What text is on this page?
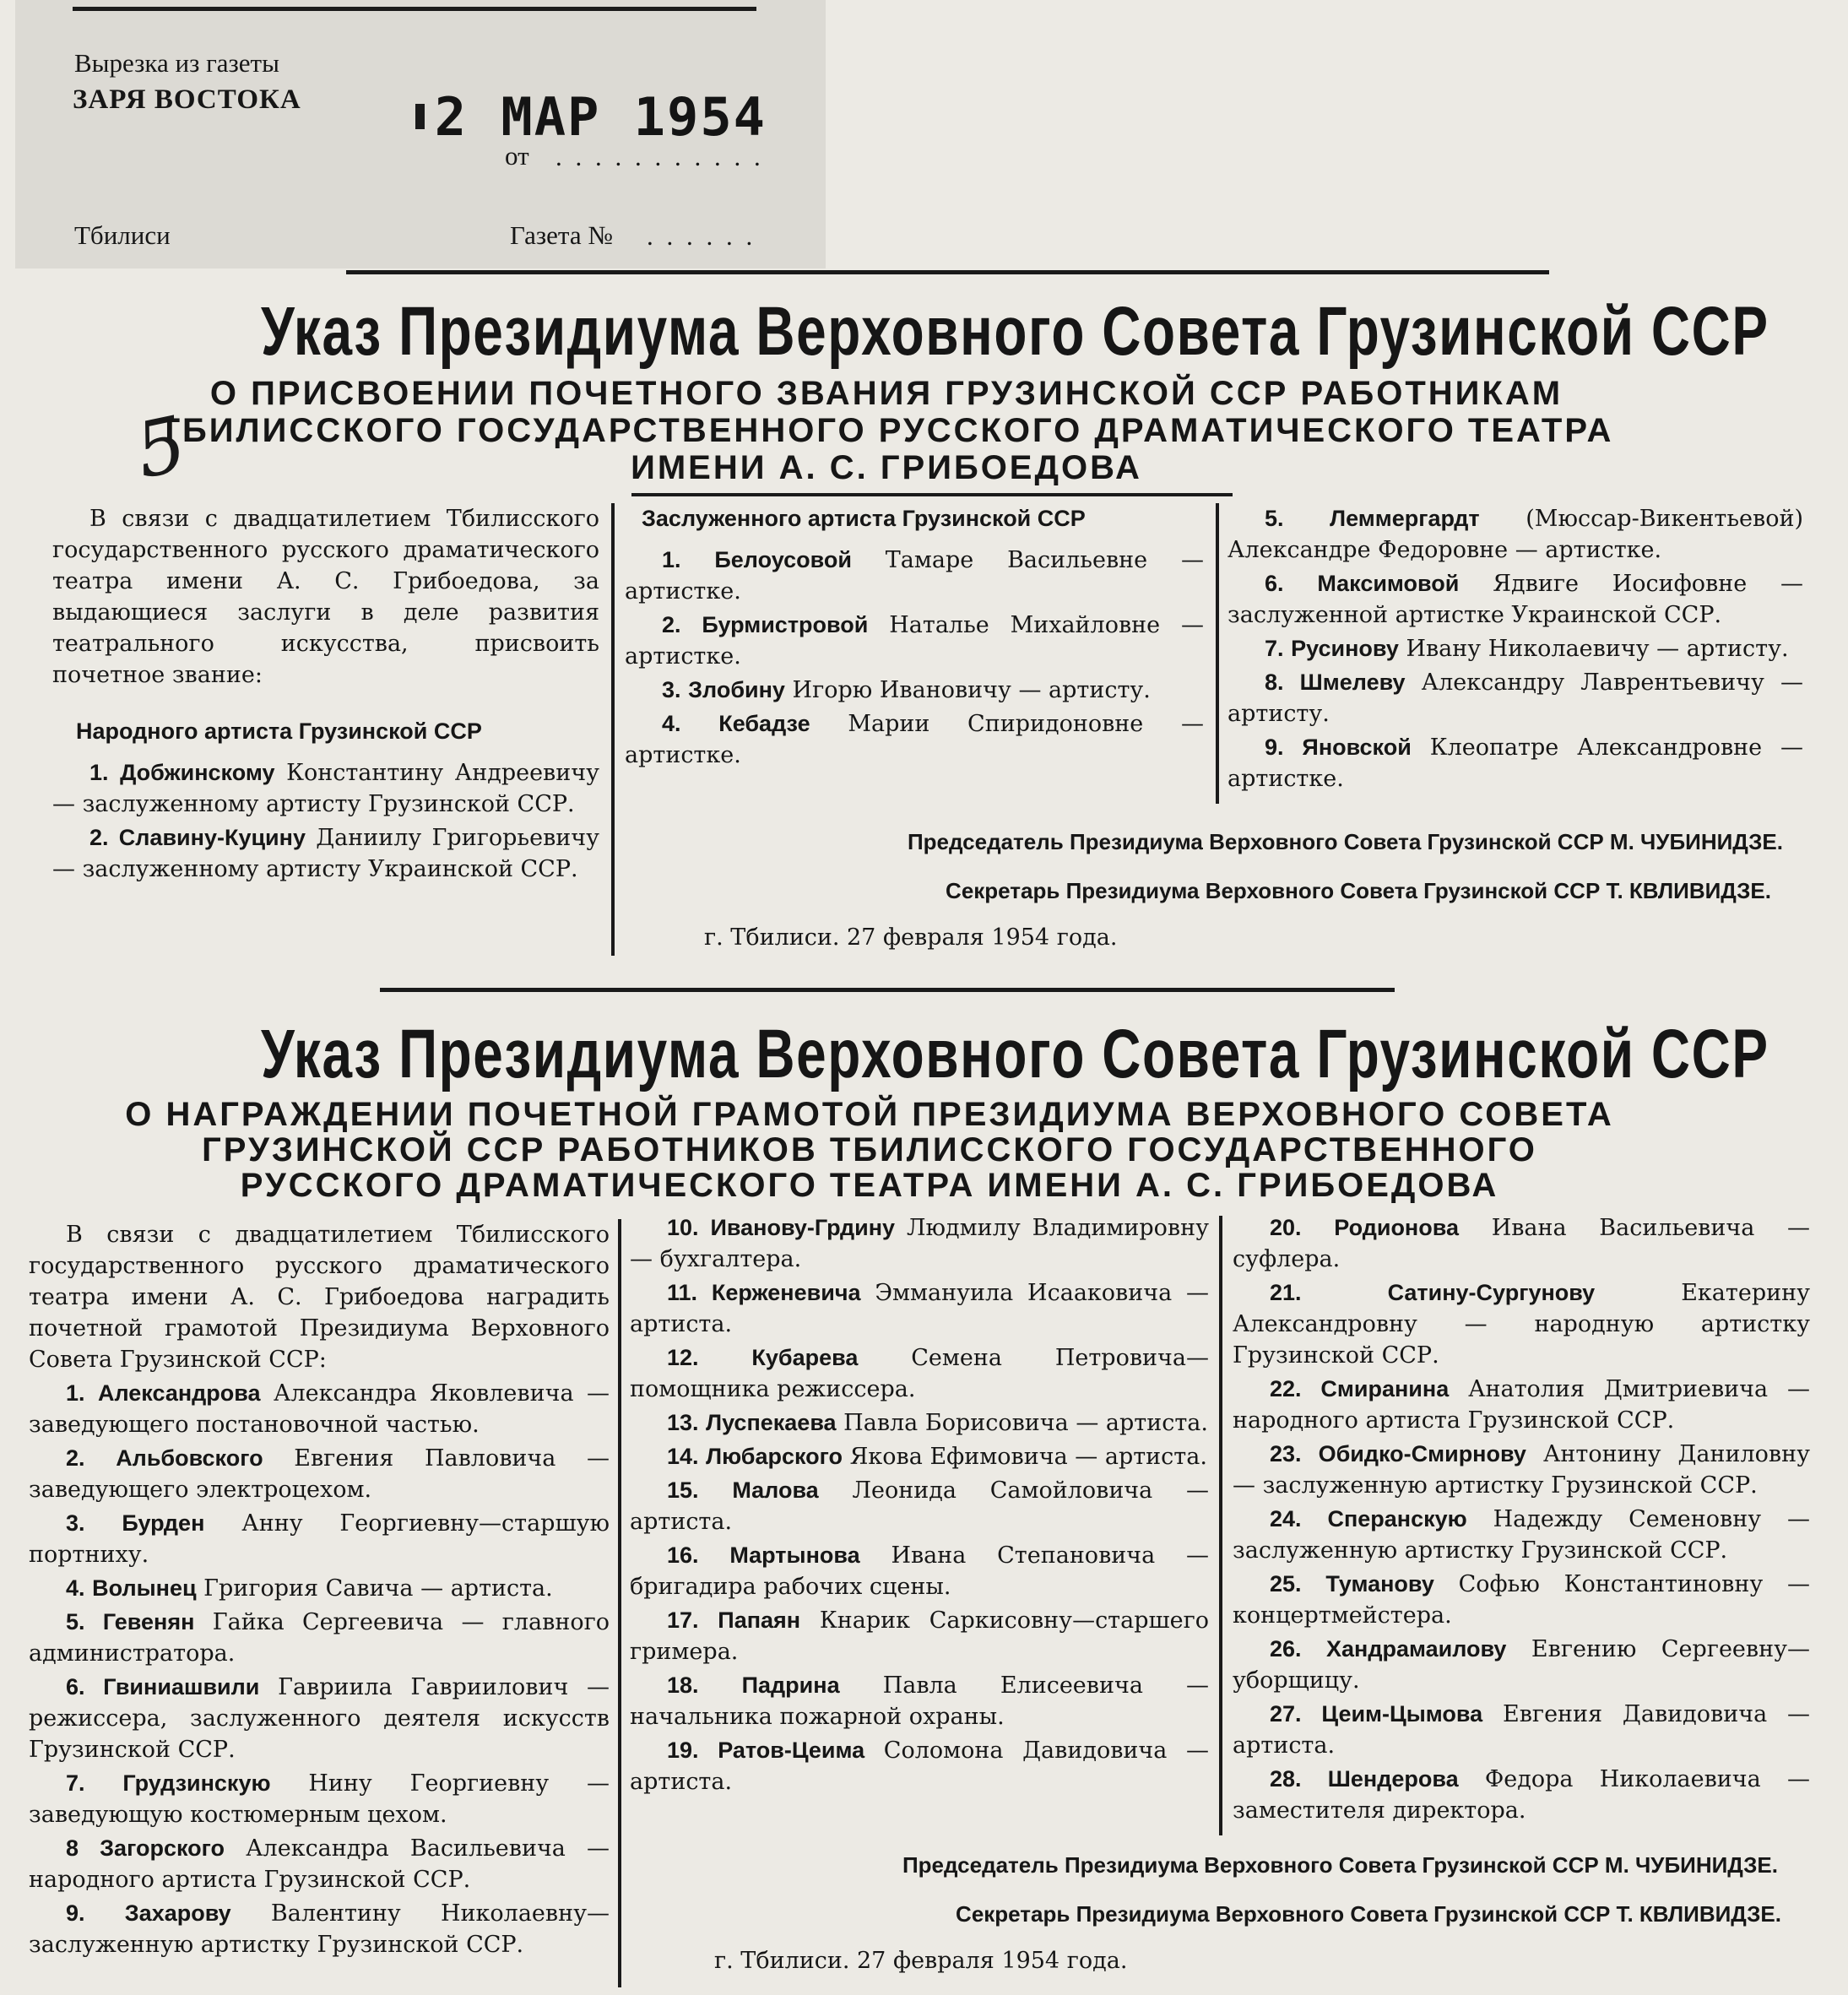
Вырезка из газеты
ЗАРЯ ВОСТОКА	2 МАР 1954
от . . . . . . . . . . .
Тбилиси	Газета № . . . . . .
Указ Президиума Верховного Совета Грузинской ССР
5
О ПРИСВОЕНИИ ПОЧЕТНОГО ЗВАНИЯ ГРУЗИНСКОЙ ССР РАБОТНИКАМ
ТБИЛИССКОГО ГОСУДАРСТВЕННОГО РУССКОГО ДРАМАТИЧЕСКОГО ТЕАТРА
ИМЕНИ А. С. ГРИБОЕДОВА

В связи с двадцатилетием Тбилисского государственного русского драматического театра имени А. С. Грибоедова, за выдающиеся заслуги в деле развития театрального искусства, присвоить почетное звание:

Народного артиста Грузинской ССР

1. Добжинскому Константину Андреевичу — заслуженному артисту Грузинской ССР.

2. Славину-Куцину Даниилу Григорьевичу — заслуженному артисту Украинской ССР.

Заслуженного артиста Грузинской ССР

1. Белоусовой Тамаре Васильевне — артистке.

2. Бурмистровой Наталье Михайловне — артистке.

3. Злобину Игорю Ивановичу — артисту.

4. Кебадзе Марии Спиридоновне — артистке.

5. Леммергардт (Мюссар-Викентьевой) Александре Федоровне — артистке.

6. Максимовой Ядвиге Иосифовне — заслуженной артистке Украинской ССР.

7. Русинову Ивану Николаевичу — артисту.

8. Шмелеву Александру Лаврентьевичу — артисту.

9. Яновской Клеопатре Александровне — артистке.

Председатель Президиума Верховного Совета Грузинской ССР М. ЧУБИНИДЗЕ.
Секретарь Президиума Верховного Совета Грузинской ССР Т. КВЛИВИДЗЕ.
г. Тбилиси. 27 февраля 1954 года.
Указ Президиума Верховного Совета Грузинской ССР
О НАГРАЖДЕНИИ ПОЧЕТНОЙ ГРАМОТОЙ ПРЕЗИДИУМА ВЕРХОВНОГО СОВЕТА
ГРУЗИНСКОЙ ССР РАБОТНИКОВ ТБИЛИССКОГО ГОСУДАРСТВЕННОГО
РУССКОГО ДРАМАТИЧЕСКОГО ТЕАТРА ИМЕНИ А. С. ГРИБОЕДОВА

В связи с двадцатилетием Тбилисского государственного русского драматического театра имени А. С. Грибоедова наградить почетной грамотой Президиума Верховного Совета Грузинской ССР:

1. Александрова Александра Яковлевича — заведующего постановочной частью.

2. Альбовского Евгения Павловича — заведующего электроцехом.

3. Бурден Анну Георгиевну—старшую портниху.

4. Волынец Григория Савича — артиста.

5. Гевенян Гайка Сергеевича — главного администратора.

6. Гвиниашвили Гавриила Гавриилович — режиссера, заслуженного деятеля искусств Грузинской ССР.

7. Грудзинскую Нину Георгиевну — заведующую костюмерным цехом.

8 Загорского Александра Васильевича — народного артиста Грузинской ССР.

9. Захарову Валентину Николаевну— заслуженную артистку Грузинской ССР.

10. Иванову-Грдину Людмилу Владимировну — бухгалтера.

11. Керженевича Эммануила Исааковича — артиста.

12. Кубарева Семена Петровича—помощника режиссера.

13. Луспекаева Павла Борисовича — артиста.

14. Любарского Якова Ефимовича — артиста.

15. Малова Леонида Самойловича — артиста.

16. Мартынова Ивана Степановича — бригадира рабочих сцены.

17. Папаян Кнарик Саркисовну—старшего гримера.

18. Падрина Павла Елисеевича — начальника пожарной охраны.

19. Ратов-Цеима Соломона Давидовича — артиста.

20. Родионова Ивана Васильевича — суфлера.

21.	Сатину-Сургунову	Екатерину Александровну — народную артистку Грузинской ССР.

22. Смиранина Анатолия Дмитриевича — народного артиста Грузинской ССР.

23. Обидко-Смирнову Антонину Даниловну — заслуженную артистку Грузинской ССР.

24. Сперанскую Надежду Семеновну — заслуженную артистку Грузинской ССР.

25. Туманову Софью Константиновну — концертмейстера.

26. Хандрамаилову Евгению Сергеевну—уборщицу.

27. Цеим-Цымова Евгения Давидовича — артиста.

28. Шендерова Федора Николаевича — заместителя директора.

Председатель Президиума Верховного Совета Грузинской ССР М. ЧУБИНИДЗЕ.
Секретарь Президиума Верховного Совета Грузинской ССР Т. КВЛИВИДЗЕ.
г. Тбилиси. 27 февраля 1954 года.
